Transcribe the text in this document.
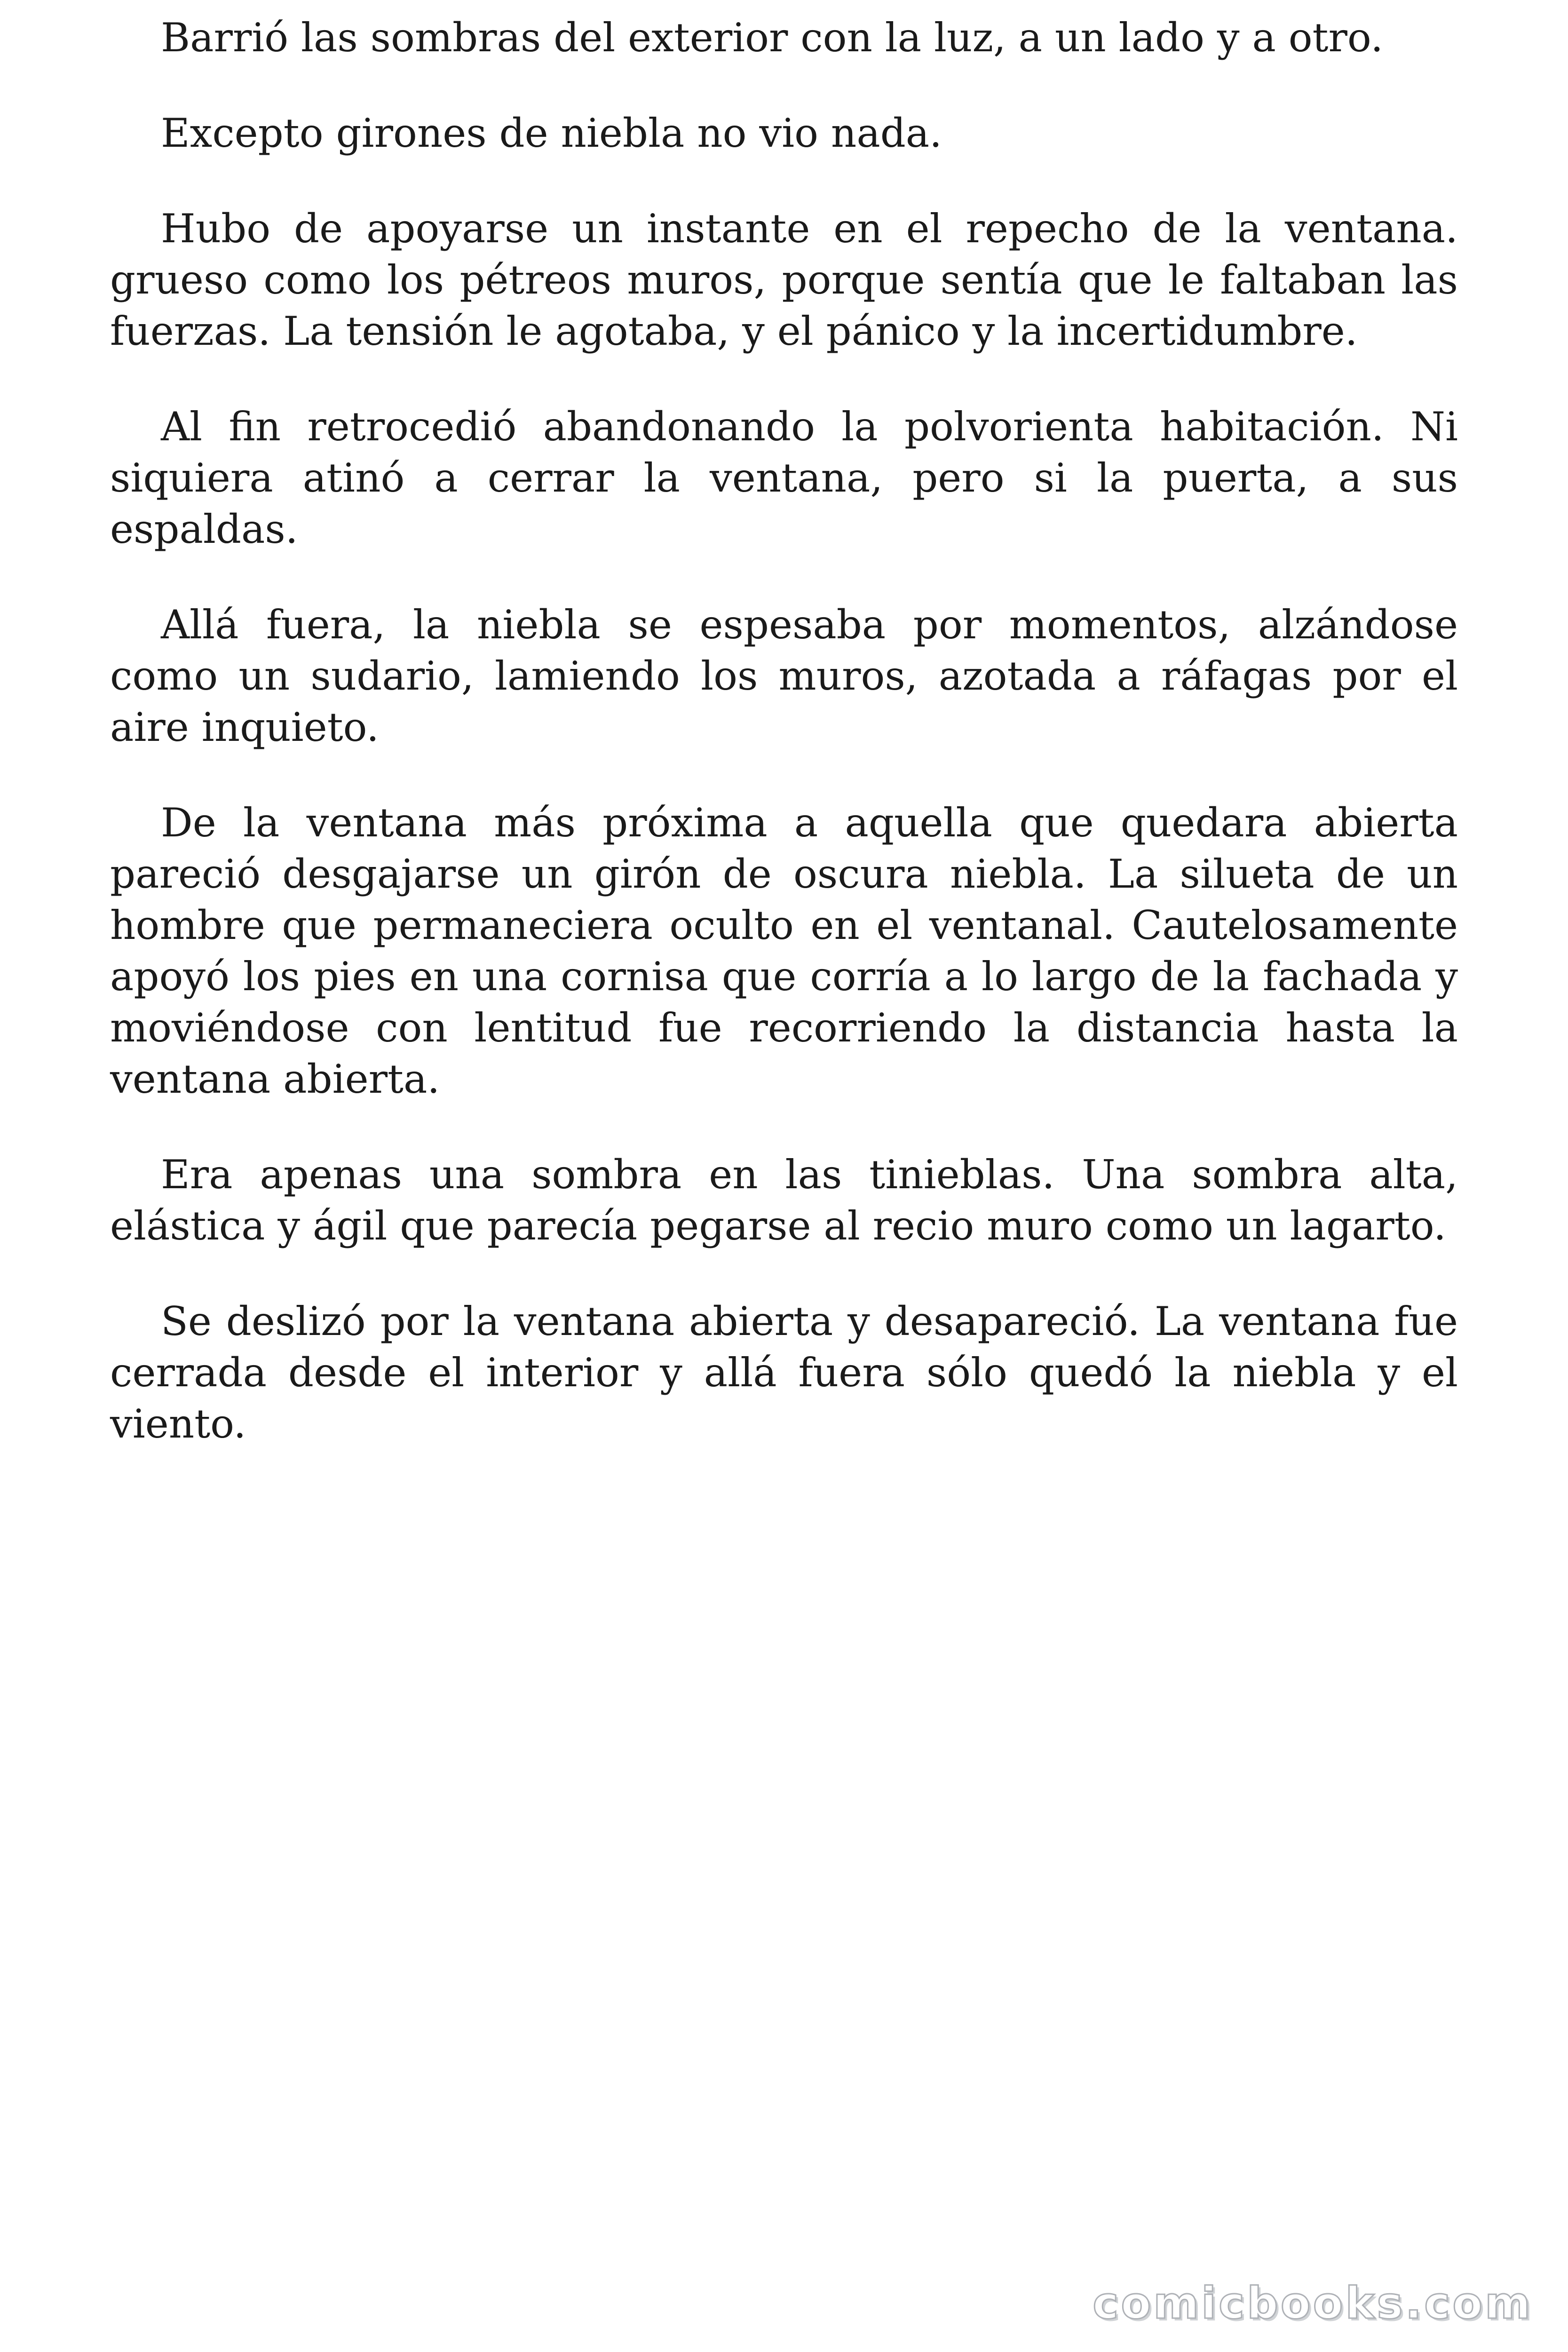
Barrió las sombras del exterior con la luz, a un lado y a otro.

Excepto girones de niebla no vio nada.

Hubo de apoyarse un instante en el repecho de la ventana. grueso como los pétreos muros, porque sentía que le faltaban las fuerzas. La tensión le agotaba, y el pánico y la incertidumbre.

Al fin retrocedió abandonando la polvorienta habitación. Ni siquiera atinó a cerrar la ventana, pero si la puerta, a sus espaldas.

Allá fuera, la niebla se espesaba por momentos, alzándose como un sudario, lamiendo los muros, azotada a ráfagas por el aire inquieto.

De la ventana más próxima a aquella que quedara abierta pareció desgajarse un girón de oscura niebla. La silueta de un hombre que permaneciera oculto en el ventanal. Cautelosamente apoyó los pies en una cornisa que corría a lo largo de la fachada y moviéndose con lentitud fue recorriendo la distancia hasta la ventana abierta.

Era apenas una sombra en las tinieblas. Una sombra alta, elástica y ágil que parecía pegarse al recio muro como un lagarto.

Se deslizó por la ventana abierta y desapareció. La ventana fue cerrada desde el interior y allá fuera sólo quedó la niebla y el viento.

comicbooks.com
